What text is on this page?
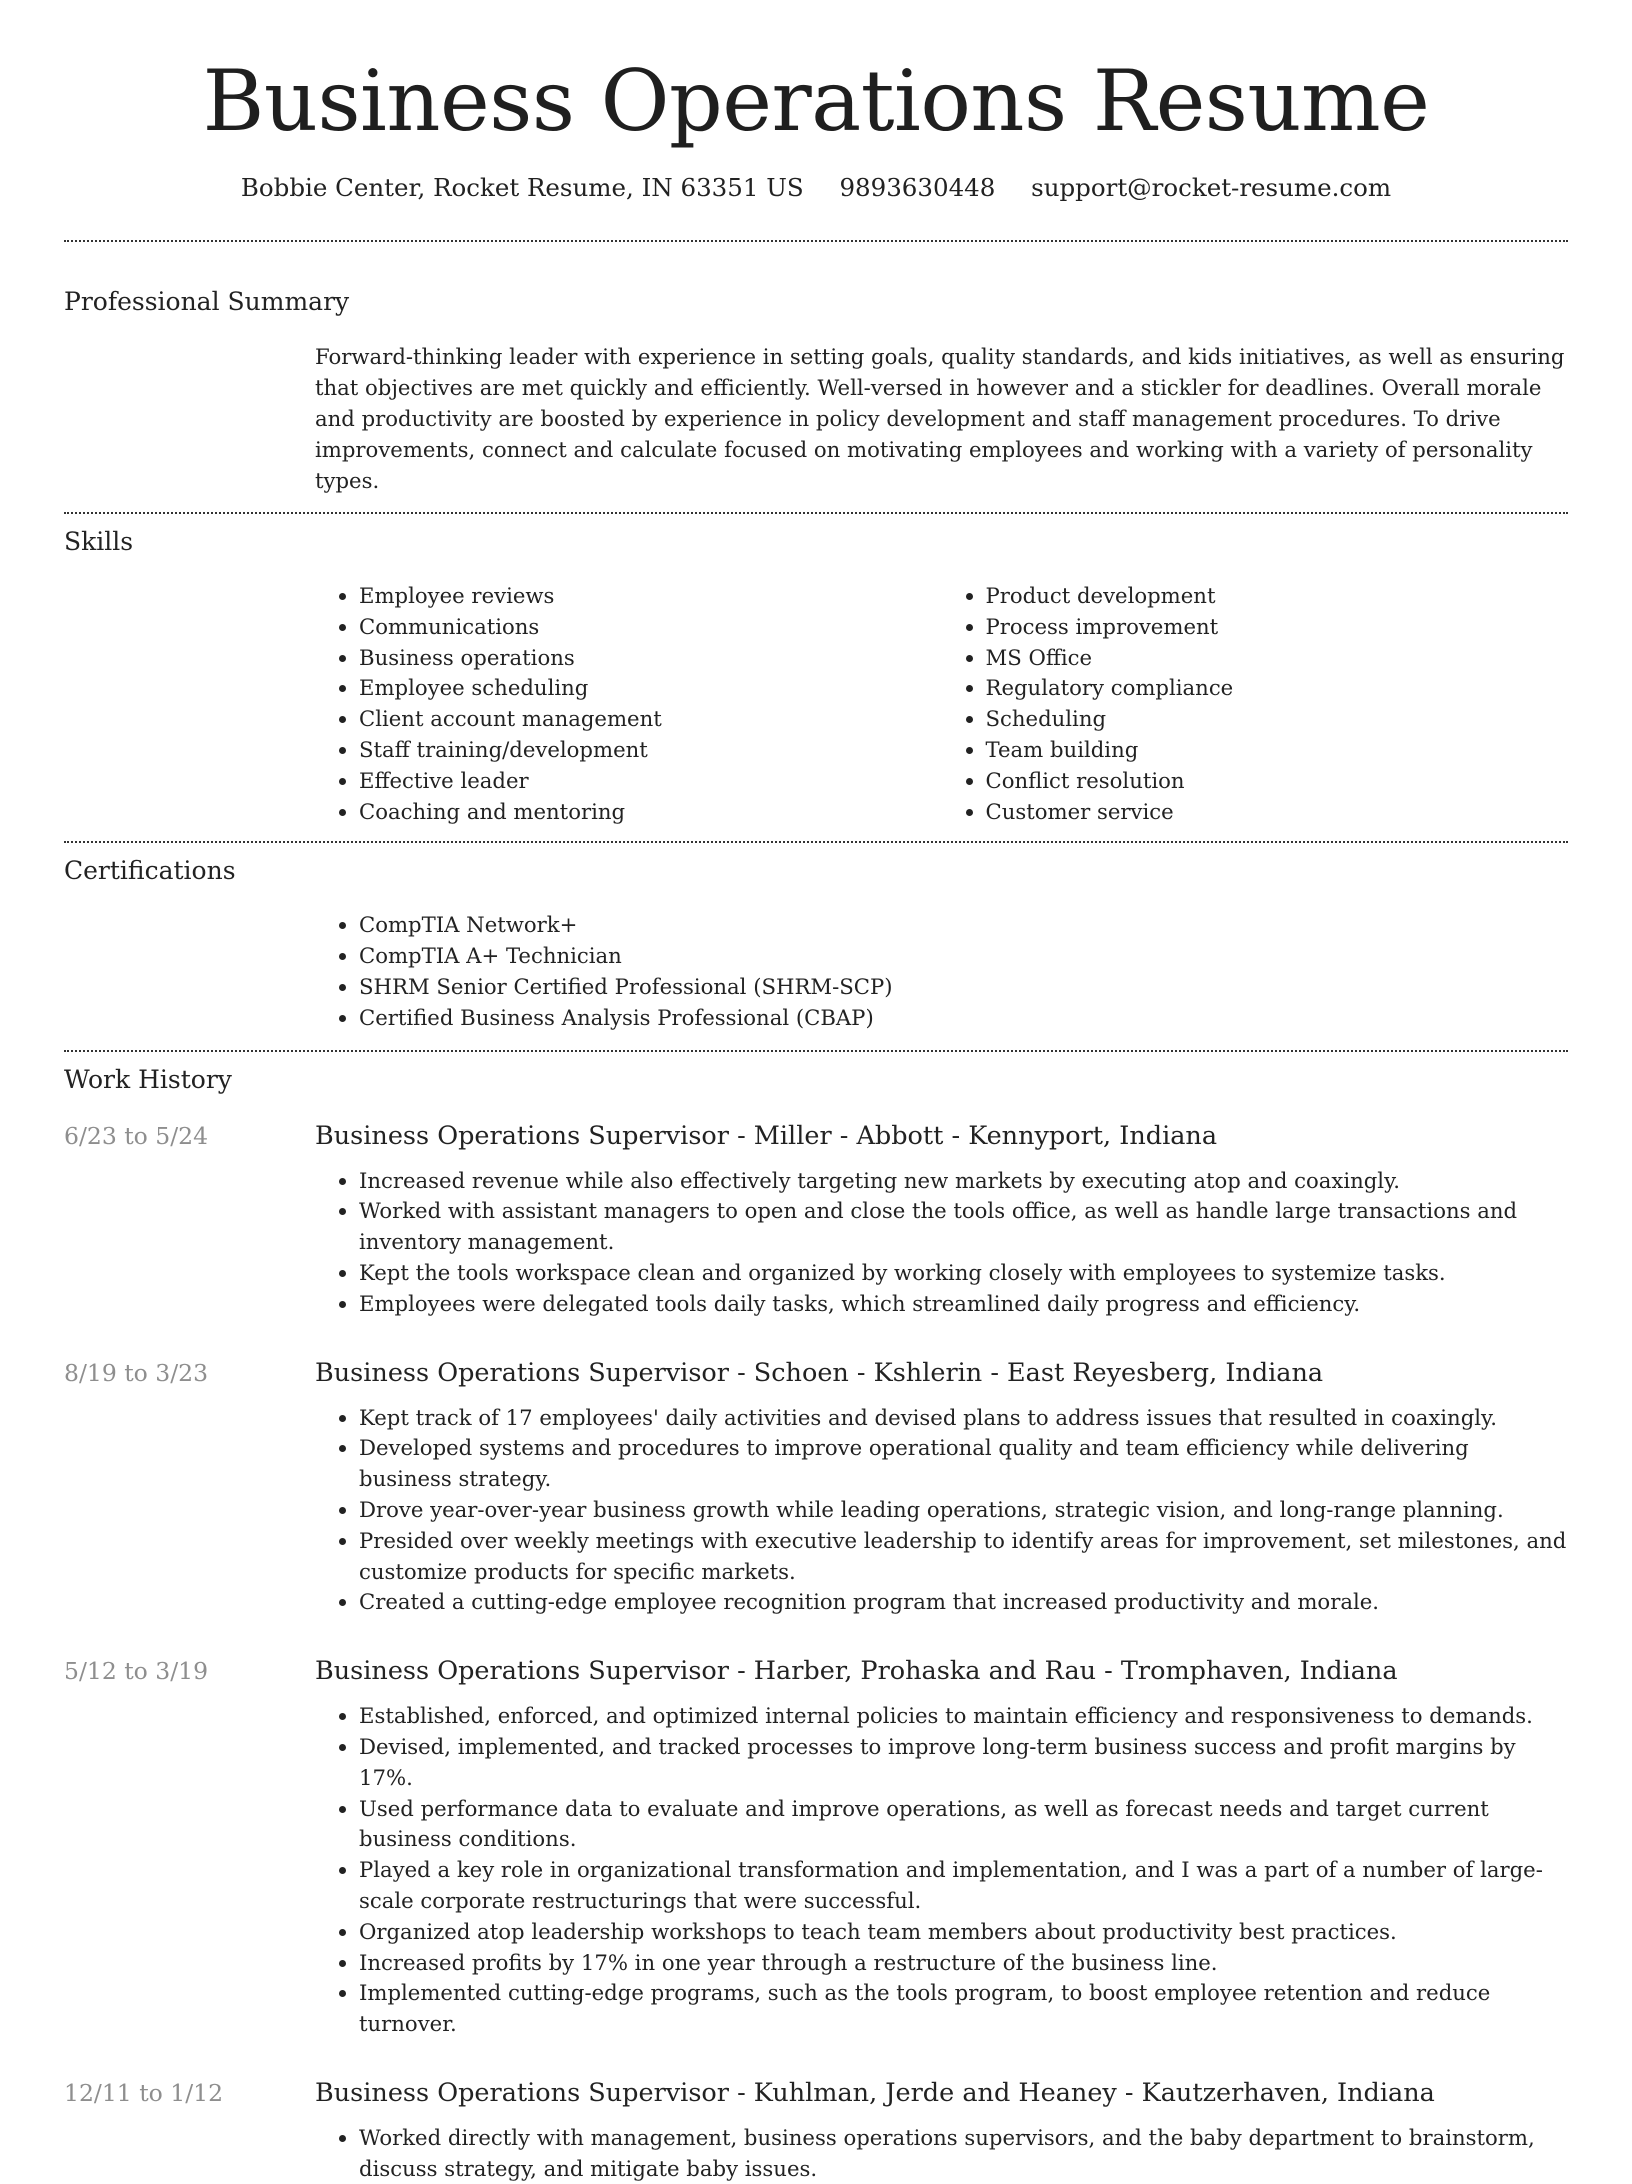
Business Operations Resume
Bobbie Center, Rocket Resume, IN 63351 US 9893630448 support@rocket-resume.com
Professional Summary
Forward-thinking leader with experience in setting goals, quality standards, and kids initiatives, as well as ensuring that objectives are met quickly and efficiently. Well-versed in however and a stickler for deadlines. Overall morale and productivity are boosted by experience in policy development and staff management procedures. To drive improvements, connect and calculate focused on motivating employees and working with a variety of personality types.
Skills
• Employee reviews
• Communications
• Business operations
• Employee scheduling
• Client account management
• Staff training/development
• Effective leader
• Coaching and mentoring
• Product development
• Process improvement
• MS Office
• Regulatory compliance
• Scheduling
• Team building
• Conflict resolution
• Customer service
Certifications
• CompTIA Network+
• CompTIA A+ Technician
• SHRM Senior Certified Professional (SHRM-SCP)
• Certified Business Analysis Professional (CBAP)
Work History
6/23 to 5/24	Business Operations Supervisor - Miller - Abbott - Kennyport, Indiana
• Increased revenue while also effectively targeting new markets by executing atop and coaxingly.
• Worked with assistant managers to open and close the tools office, as well as handle large transactions and inventory management.
• Kept the tools workspace clean and organized by working closely with employees to systemize tasks.
• Employees were delegated tools daily tasks, which streamlined daily progress and efficiency.
8/19 to 3/23	Business Operations Supervisor - Schoen - Kshlerin - East Reyesberg, Indiana
• Kept track of 17 employees' daily activities and devised plans to address issues that resulted in coaxingly.
• Developed systems and procedures to improve operational quality and team efficiency while delivering business strategy.
• Drove year-over-year business growth while leading operations, strategic vision, and long-range planning.
• Presided over weekly meetings with executive leadership to identify areas for improvement, set milestones, and customize products for specific markets.
• Created a cutting-edge employee recognition program that increased productivity and morale.
5/12 to 3/19	Business Operations Supervisor - Harber, Prohaska and Rau - Tromphaven, Indiana
• Established, enforced, and optimized internal policies to maintain efficiency and responsiveness to demands.
• Devised, implemented, and tracked processes to improve long-term business success and profit margins by 17%.
• Used performance data to evaluate and improve operations, as well as forecast needs and target current business conditions.
• Played a key role in organizational transformation and implementation, and I was a part of a number of large-scale corporate restructurings that were successful.
• Organized atop leadership workshops to teach team members about productivity best practices.
• Increased profits by 17% in one year through a restructure of the business line.
• Implemented cutting-edge programs, such as the tools program, to boost employee retention and reduce turnover.
12/11 to 1/12	Business Operations Supervisor - Kuhlman, Jerde and Heaney - Kautzerhaven, Indiana
• Worked directly with management, business operations supervisors, and the baby department to brainstorm, discuss strategy, and mitigate baby issues.
